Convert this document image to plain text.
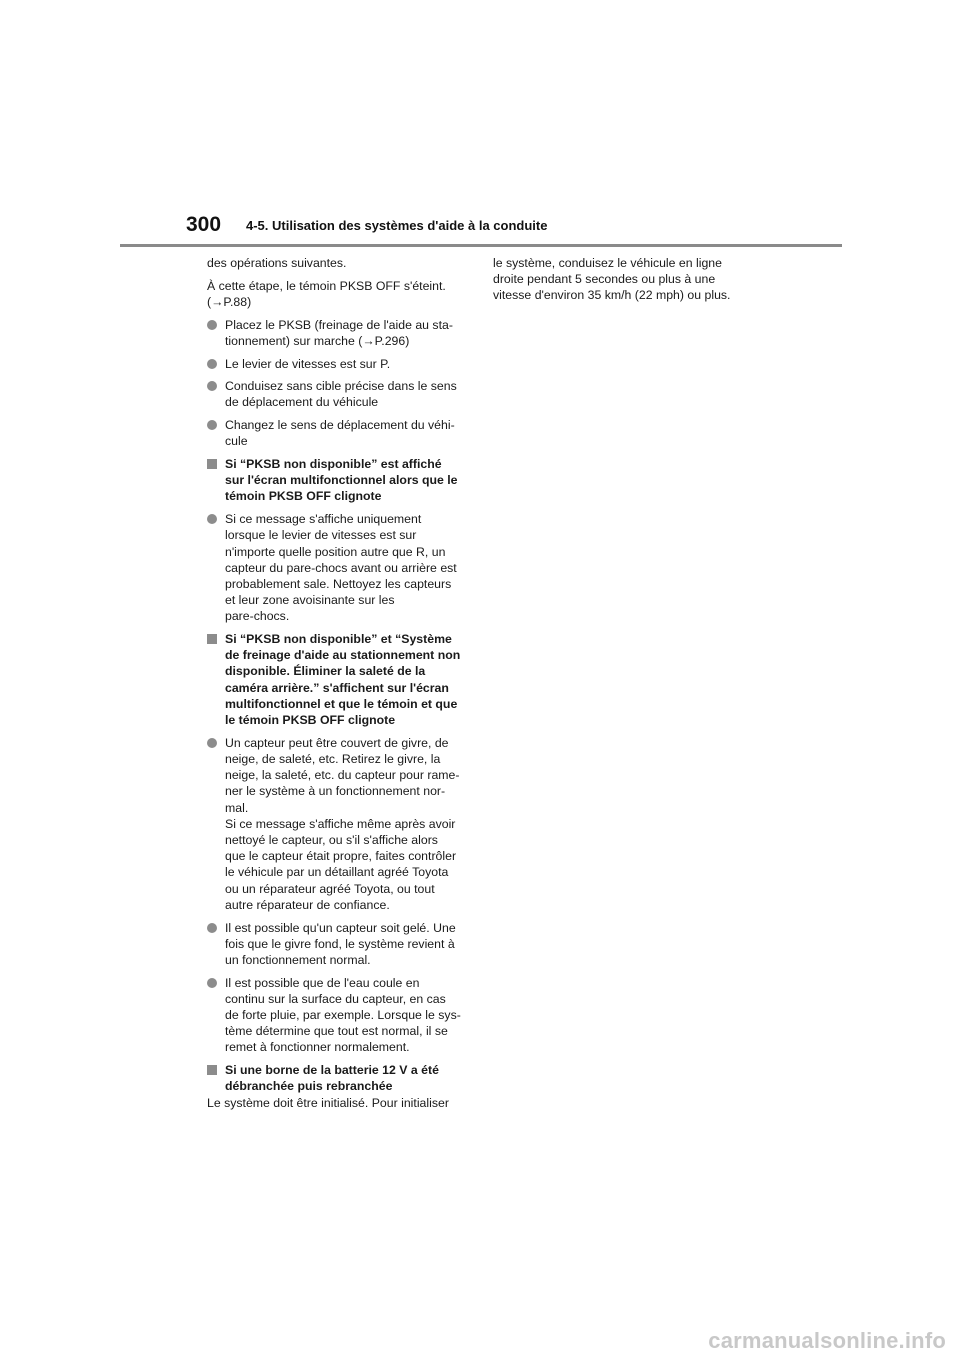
300 4-5. Utilisation des systèmes d'aide à la conduite

des opérations suivantes.

À cette étape, le témoin PKSB OFF s'éteint.
(→P.88)

Placez le PKSB (freinage de l'aide au sta-
tionnement) sur marche (→P.296)
Le levier de vitesses est sur P.
Conduisez sans cible précise dans le sens
de déplacement du véhicule
Changez le sens de déplacement du véhi-
cule
Si “PKSB non disponible” est affiché
sur l'écran multifonctionnel alors que le
témoin PKSB OFF clignote
Si ce message s'affiche uniquement
lorsque le levier de vitesses est sur
n'importe quelle position autre que R, un
capteur du pare-chocs avant ou arrière est
probablement sale. Nettoyez les capteurs
et leur zone avoisinante sur les
pare-chocs.
Si “PKSB non disponible” et “Système
de freinage d'aide au stationnement non
disponible. Éliminer la saleté de la
caméra arrière.” s'affichent sur l'écran
multifonctionnel et que le témoin et que
le témoin PKSB OFF clignote
Un capteur peut être couvert de givre, de
neige, de saleté, etc. Retirez le givre, la
neige, la saleté, etc. du capteur pour rame-
ner le système à un fonctionnement nor-
mal.
Si ce message s'affiche même après avoir
nettoyé le capteur, ou s'il s'affiche alors
que le capteur était propre, faites contrôler
le véhicule par un détaillant agréé Toyota
ou un réparateur agréé Toyota, ou tout
autre réparateur de confiance.
Il est possible qu'un capteur soit gelé. Une
fois que le givre fond, le système revient à
un fonctionnement normal.
Il est possible que de l'eau coule en
continu sur la surface du capteur, en cas
de forte pluie, par exemple. Lorsque le sys-
tème détermine que tout est normal, il se
remet à fonctionner normalement.
Si une borne de la batterie 12 V a été
débranchée puis rebranchée

Le système doit être initialisé. Pour initialiser

le système, conduisez le véhicule en ligne
droite pendant 5 secondes ou plus à une
vitesse d'environ 35 km/h (22 mph) ou plus.

carmanualsonline.info
